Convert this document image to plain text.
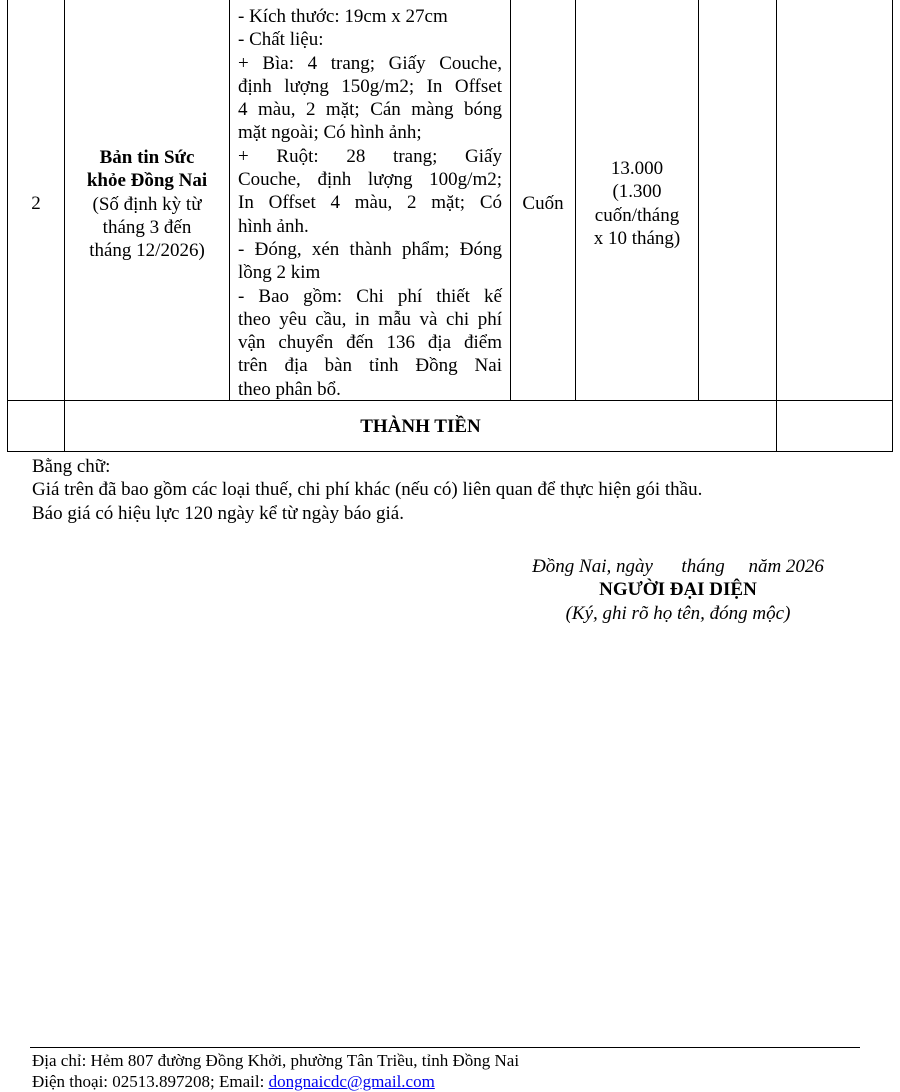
2
Bản tin Sức
khỏe Đồng Nai
(Số định kỳ từ
tháng 3 đến
tháng 12/2026)
- Kích thước: 19cm x 27cm
- Chất liệu:
+ Bìa: 4 trang; Giấy Couche,
định lượng 150g/m2; In Offset
4 màu, 2 mặt; Cán màng bóng
mặt ngoài; Có hình ảnh;
+ Ruột: 28 trang; Giấy
Couche, định lượng 100g/m2;
In Offset 4 màu, 2 mặt; Có
hình ảnh.
- Đóng, xén thành phẩm; Đóng
lồng 2 kim
- Bao gồm: Chi phí thiết kế
theo yêu cầu, in mẫu và chi phí
vận chuyển đến 136 địa điểm
trên địa bàn tỉnh Đồng Nai
theo phân bổ.
Cuốn
13.000
(1.300
cuốn/tháng
x 10 tháng)
THÀNH TIỀN
Bằng chữ:
Giá trên đã bao gồm các loại thuế, chi phí khác (nếu có) liên quan để thực hiện gói thầu.
Báo giá có hiệu lực 120 ngày kể từ ngày báo giá.
Đồng Nai, ngày      tháng     năm 2026
NGƯỜI ĐẠI DIỆN
(Ký, ghi rõ họ tên, đóng mộc)
Địa chỉ: Hẻm 807 đường Đồng Khởi, phường Tân Triều, tỉnh Đồng Nai
Điện thoại: 02513.897208; Email: dongnaicdc@gmail.com
